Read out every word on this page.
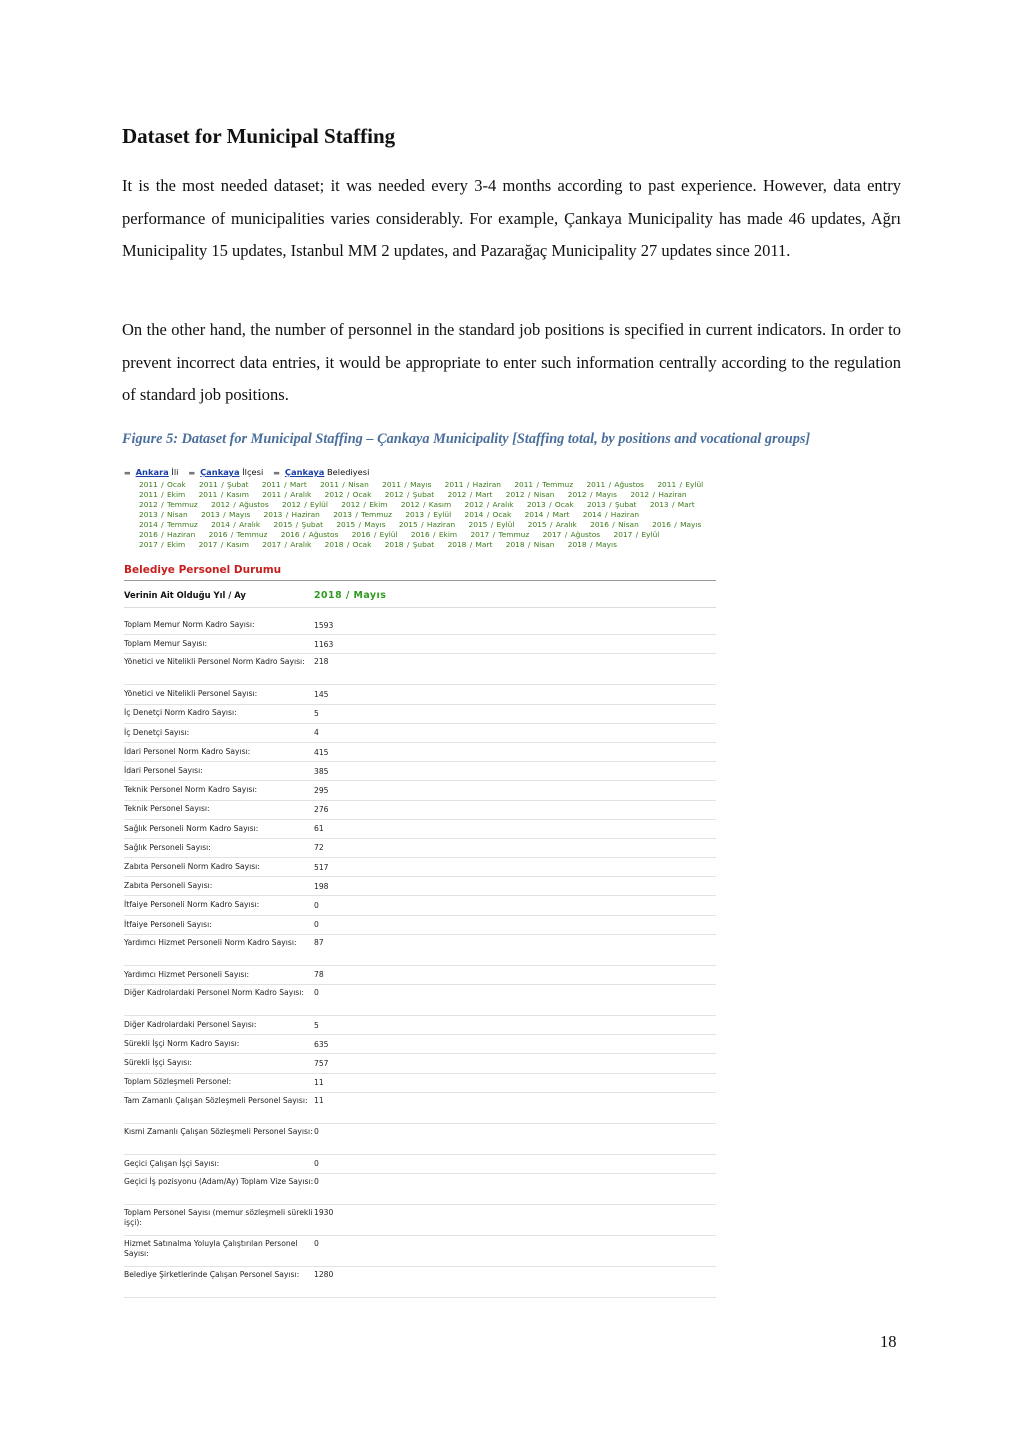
Dataset for Municipal Staffing

It is the most needed dataset; it was needed every 3-4 months according to past experience. However, data entry performance of municipalities varies considerably. For example, Çankaya Municipality has made 46 updates, Ağrı Municipality 15 updates, Istanbul MM 2 updates, and Pazarağaç Municipality 27 updates since 2011.

On the other hand, the number of personnel in the standard job positions is specified in current indicators. In order to prevent incorrect data entries, it would be appropriate to enter such information centrally according to the regulation of standard job positions.

Figure 5: Dataset for Municipal Staffing – Çankaya Municipality [Staffing total, by positions and vocational groups]

▬ Ankara İli ▬ Çankaya İlçesi ▬ Çankaya Belediyesi
2011 / Ocak 2011 / Şubat 2011 / Mart 2011 / Nisan 2011 / Mayıs 2011 / Haziran 2011 / Temmuz 2011 / Ağustos 2011 / Eylül 2011 / Ekim 2011 / Kasım 2011 / Aralık 2012 / Ocak 2012 / Şubat 2012 / Mart 2012 / Nisan 2012 / Mayıs 2012 / Haziran 2012 / Temmuz 2012 / Ağustos 2012 / Eylül 2012 / Ekim 2012 / Kasım 2012 / Aralık 2013 / Ocak 2013 / Şubat 2013 / Mart 2013 / Nisan 2013 / Mayıs 2013 / Haziran 2013 / Temmuz 2013 / Eylül 2014 / Ocak 2014 / Mart 2014 / Haziran 2014 / Temmuz 2014 / Aralık 2015 / Şubat 2015 / Mayıs 2015 / Haziran 2015 / Eylül 2015 / Aralık 2016 / Nisan 2016 / Mayıs 2016 / Haziran 2016 / Temmuz 2016 / Ağustos 2016 / Eylül 2016 / Ekim 2017 / Temmuz 2017 / Ağustos 2017 / Eylül 2017 / Ekim 2017 / Kasım 2017 / Aralık 2018 / Ocak 2018 / Şubat 2018 / Mart 2018 / Nisan 2018 / Mayıs
Belediye Personel Durumu
Verinin Ait Olduğu Yıl / Ay	2018 / Mayıs
Toplam Memur Norm Kadro Sayısı:	1593
Toplam Memur Sayısı:	1163
Yönetici ve Nitelikli Personel Norm Kadro Sayısı:	218
Yönetici ve Nitelikli Personel Sayısı:	145
İç Denetçi Norm Kadro Sayısı:	5
İç Denetçi Sayısı:	4
İdari Personel Norm Kadro Sayısı:	415
İdari Personel Sayısı:	385
Teknik Personel Norm Kadro Sayısı:	295
Teknik Personel Sayısı:	276
Sağlık Personeli Norm Kadro Sayısı:	61
Sağlık Personeli Sayısı:	72
Zabıta Personeli Norm Kadro Sayısı:	517
Zabıta Personeli Sayısı:	198
İtfaiye Personeli Norm Kadro Sayısı:	0
İtfaiye Personeli Sayısı:	0
Yardımcı Hizmet Personeli Norm Kadro Sayısı:	87
Yardımcı Hizmet Personeli Sayısı:	78
Diğer Kadrolardaki Personel Norm Kadro Sayısı:	0
Diğer Kadrolardaki Personel Sayısı:	5
Sürekli İşçi Norm Kadro Sayısı:	635
Sürekli İşçi Sayısı:	757
Toplam Sözleşmeli Personel:	11
Tam Zamanlı Çalışan Sözleşmeli Personel Sayısı: 11
Kısmi Zamanlı Çalışan Sözleşmeli Personel Sayısı: 0
Geçici Çalışan İşçi Sayısı:	0
Geçici İş pozisyonu (Adam/Ay) Toplam Vize Sayısı: 0
Toplam Personel Sayısı (memur sözleşmeli sürekli işçi):
1930
Hizmet Satınalma Yoluyla Çalıştırılan Personel Sayısı:
0
Belediye Şirketlerinde Çalışan Personel Sayısı:	1280
18
